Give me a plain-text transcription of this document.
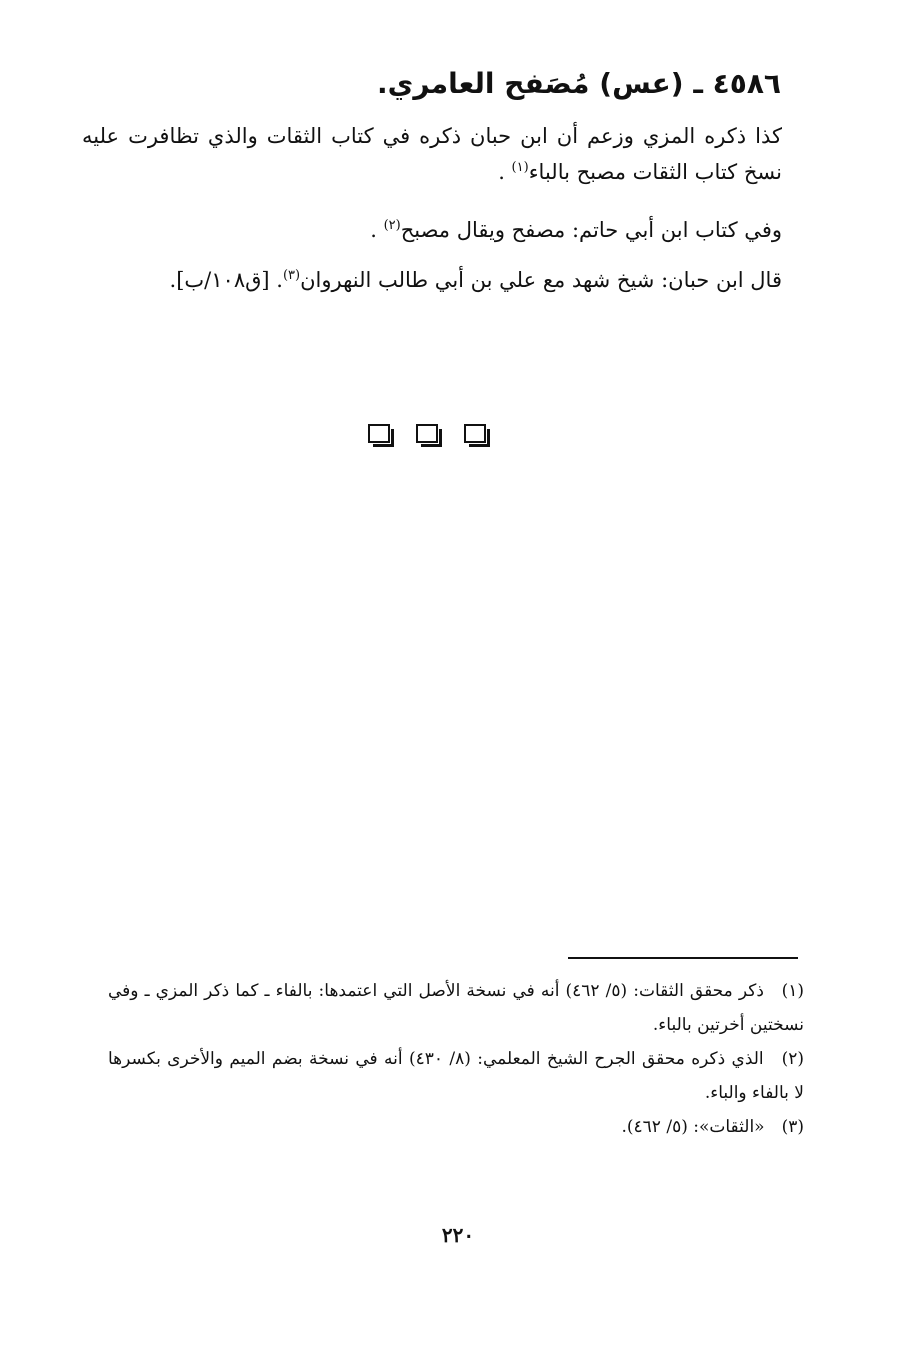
٤٥٨٦ ـ (عس) مُصَفح العامري.
كذا ذكره المزي وزعم أن ابن حبان ذكره في كتاب الثقات والذي تظافرت عليه نسخ كتاب الثقات مصبح بالباء$^{(١)}$ .
وفي كتاب ابن أبي حاتم: مصفح ويقال مصبح$^{(٢)}$ .
قال ابن حبان: شيخ شهد مع علي بن أبي طالب النهروان$^{(٣)}$. [ق١٠٨/ب].
(١) ذكر محقق الثقات: (٥/ ٤٦٢) أنه في نسخة الأصل التي اعتمدها: بالفاء ـ كما ذكر المزي ـ وفي نسختين أخرتين بالباء.
(٢) الذي ذكره محقق الجرح الشيخ المعلمي: (٨/ ٤٣٠) أنه في نسخة بضم الميم والأخرى بكسرها لا بالفاء والباء.
(٣) «الثقات»: (٥/ ٤٦٢).
٢٢٠
